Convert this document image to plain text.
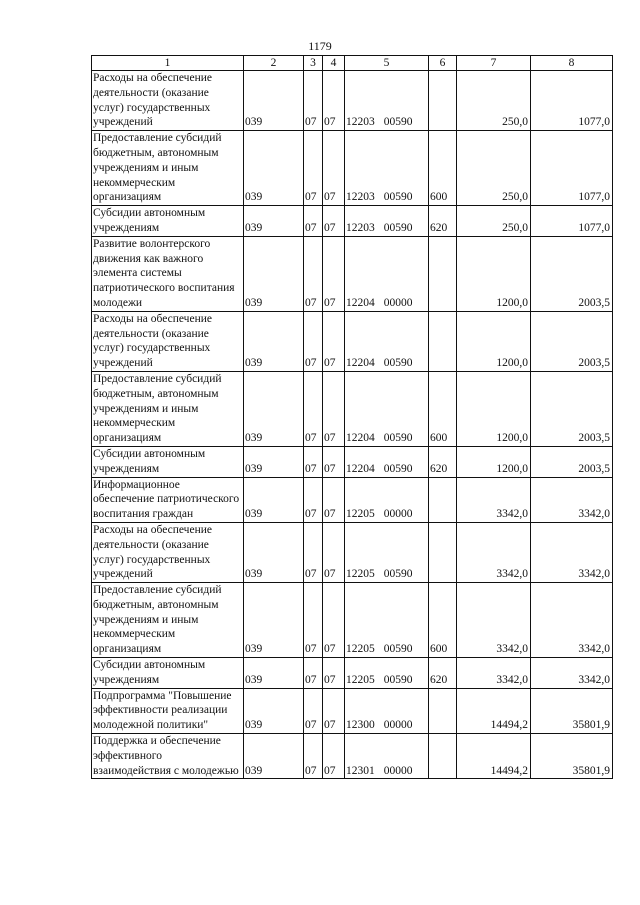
1179
1	2	3	4	5	6	7	8
Расходы на обеспечение деятельности (оказание услуг) государственных учреждений	039	07	07	12203 00590		250,0	1077,0
Предоставление субсидий бюджетным, автономным учреждениям и иным некоммерческим организациям	039	07	07	12203 00590	600	250,0	1077,0
Субсидии автономным учреждениям	039	07	07	12203 00590	620	250,0	1077,0
Развитие волонтерского движения как важного элемента системы патриотического воспитания молодежи	039	07	07	12204 00000		1200,0	2003,5
Расходы на обеспечение деятельности (оказание услуг) государственных учреждений	039	07	07	12204 00590		1200,0	2003,5
Предоставление субсидий бюджетным, автономным учреждениям и иным некоммерческим организациям	039	07	07	12204 00590	600	1200,0	2003,5
Субсидии автономным учреждениям	039	07	07	12204 00590	620	1200,0	2003,5
Информационное обеспечение патриотического воспитания граждан	039	07	07	12205 00000		3342,0	3342,0
Расходы на обеспечение деятельности (оказание услуг) государственных учреждений	039	07	07	12205 00590		3342,0	3342,0
Предоставление субсидий бюджетным, автономным учреждениям и иным некоммерческим организациям	039	07	07	12205 00590	600	3342,0	3342,0
Субсидии автономным учреждениям	039	07	07	12205 00590	620	3342,0	3342,0
Подпрограмма "Повышение эффективности реализации молодежной политики"	039	07	07	12300 00000		14494,2	35801,9
Поддержка и обеспечение эффективного взаимодействия с молодежью	039	07	07	12301 00000		14494,2	35801,9
